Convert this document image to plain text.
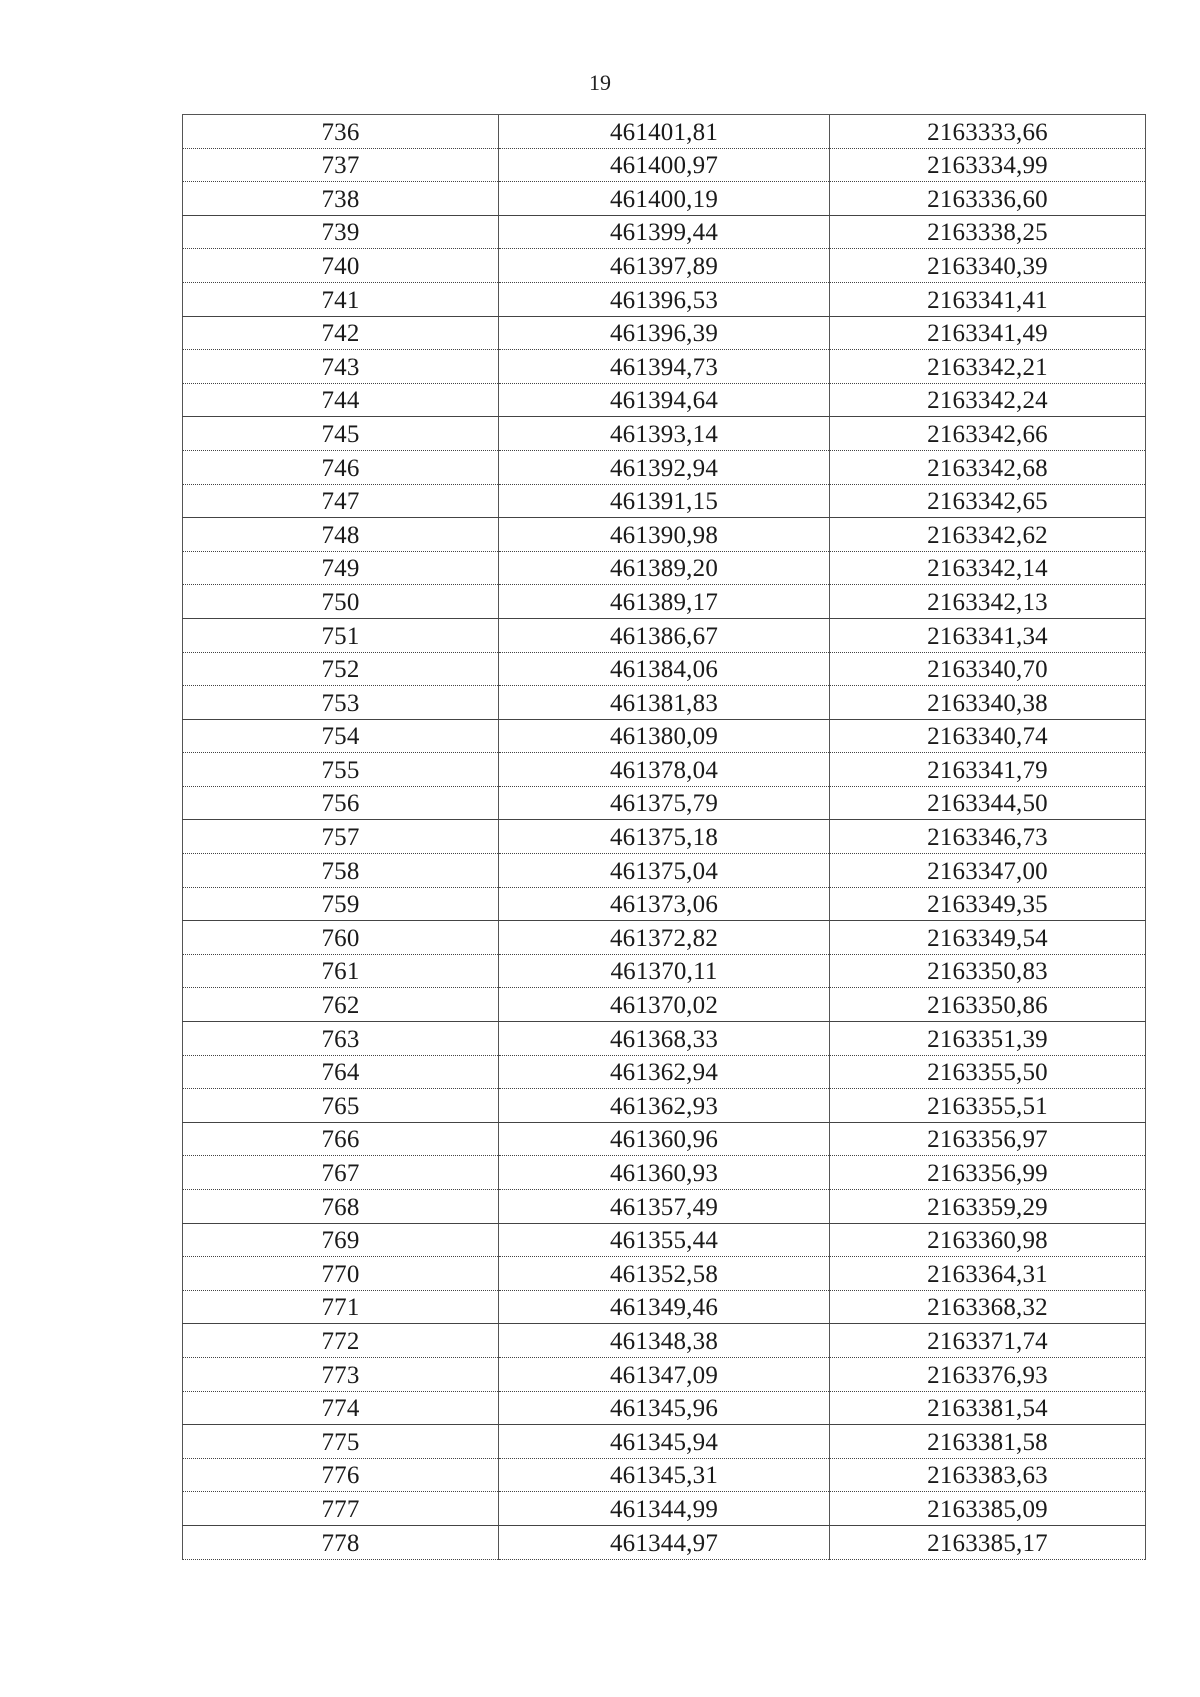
19
736	461401,81	2163333,66
737	461400,97	2163334,99
738	461400,19	2163336,60
739	461399,44	2163338,25
740	461397,89	2163340,39
741	461396,53	2163341,41
742	461396,39	2163341,49
743	461394,73	2163342,21
744	461394,64	2163342,24
745	461393,14	2163342,66
746	461392,94	2163342,68
747	461391,15	2163342,65
748	461390,98	2163342,62
749	461389,20	2163342,14
750	461389,17	2163342,13
751	461386,67	2163341,34
752	461384,06	2163340,70
753	461381,83	2163340,38
754	461380,09	2163340,74
755	461378,04	2163341,79
756	461375,79	2163344,50
757	461375,18	2163346,73
758	461375,04	2163347,00
759	461373,06	2163349,35
760	461372,82	2163349,54
761	461370,11	2163350,83
762	461370,02	2163350,86
763	461368,33	2163351,39
764	461362,94	2163355,50
765	461362,93	2163355,51
766	461360,96	2163356,97
767	461360,93	2163356,99
768	461357,49	2163359,29
769	461355,44	2163360,98
770	461352,58	2163364,31
771	461349,46	2163368,32
772	461348,38	2163371,74
773	461347,09	2163376,93
774	461345,96	2163381,54
775	461345,94	2163381,58
776	461345,31	2163383,63
777	461344,99	2163385,09
778	461344,97	2163385,17
